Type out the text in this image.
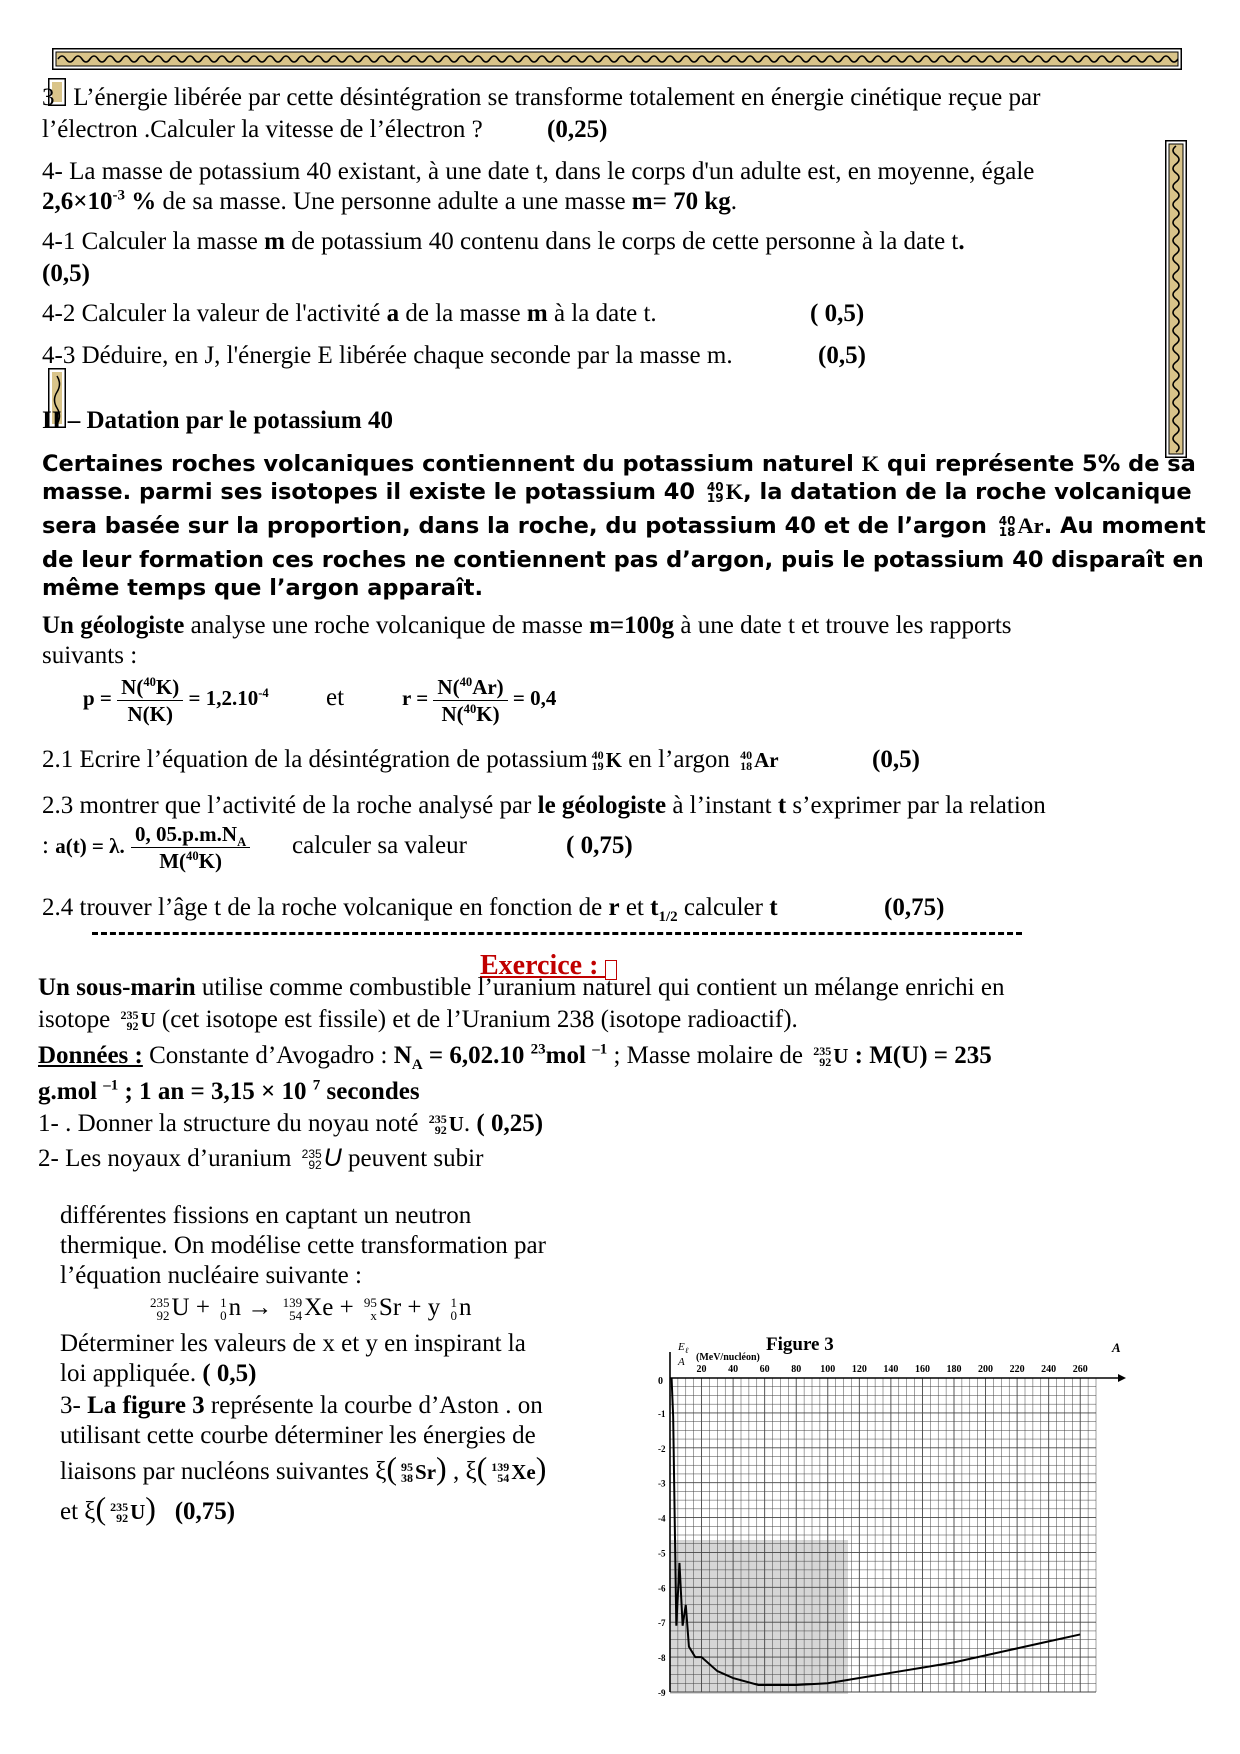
3 L’énergie libérée par cette désintégration se transforme totalement en énergie cinétique reçue par
l’électron .Calculer la vitesse de l’électron ?	(0,25)
4- La masse de potassium 40 existant, à une date t, dans le corps d'un adulte est, en moyenne, égale
$2,6\times 10^{-3}$ % de sa masse. Une personne adulte a une masse m= 70 kg.
4-1 Calculer la masse m de potassium 40 contenu dans le corps de cette personne à la date t.
(0,5)
4-2 Calculer la valeur de l'activité a de la masse m à la date t.	( 0,5)
4-3 Déduire, en J, l'énergie E libérée chaque seconde par la masse m.	(0,5)
II – Datation par le potassium 40
Certaines roches volcaniques contiennent du potassium naturel K qui représente 5% de sa
masse. parmi ses isotopes il existe le potassium 40 40
19 K, la datation de la roche volcanique
sera basée sur la proportion, dans la roche, du potassium 40 et de l’argon 40
18 Ar. Au moment
de leur formation ces roches ne contiennent pas d’argon, puis le potassium 40 disparaît en
même temps que l’argon apparaît.
Un géologiste analyse une roche volcanique de masse m=100g à une date t et trouve les rapports
suivants :
$p = \frac{N(^{40}K)}{N(K)} = 1,2.10^{-4}$ et	$r = \frac{N(^{40}Ar)}{N(^{40}K)} = 0,4$
2.1 Ecrire l’équation de la désintégration de potassium 40
19 K en l’argon 40
18 Ar	(0,5)
2.3 montrer que l’activité de la roche analysé par le géologiste à l’instant t s’exprimer par la relation
: a(t) = λ. $\frac{0, 05.p.m.N_A}{M(^{40}K)}$ calculer sa valeur	( 0,75)
2.4 trouver l’âge t de la roche volcanique en fonction de r et $t_{1/2}$ calculer t	(0,75)
Exercice :
Un sous-marin utilise comme combustible l’uranium naturel qui contient un mélange enrichi en
isotope 235
92 U (cet isotope est fissile) et de l’Uranium 238 (isotope radioactif).
Données : Constante d’Avogadro : $N_A = 6,02.10$ $^{23}$mol $^{-1}$ ; Masse molaire de 235
92 U : M(U) = 235
g.mol $^{-1}$ ; 1 an = 3,15 × 10 $^7$ secondes
1- . Donner la structure du noyau noté 235
92 U. ( 0,25)
2- Les noyaux d’uranium 235
92 U peuvent subir
différentes fissions en captant un neutron
thermique. On modélise cette transformation par
l’équation nucléaire suivante :
235
92 U + 1
0 n → 139
54 Xe + 95
x Sr + y 1
0 n
Déterminer les valeurs de x et y en inspirant la
loi appliquée. ( 0,5)
3- La figure 3 représente la courbe d’Aston . on
utilisant cette courbe déterminer les énergies de
liaisons par nucléons suivantes ξ( 95
38 Sr) , ξ( 139
54 Xe)
et ξ( 235
92 U) (0,75)
Figure 3
E ℓ
A (MeV/nucléon)
A
0
20 40 60 80 100 120 140 160 180 200 220 240 260
-1
-2
-3
-4
-5
-6
-7
-8
-9
